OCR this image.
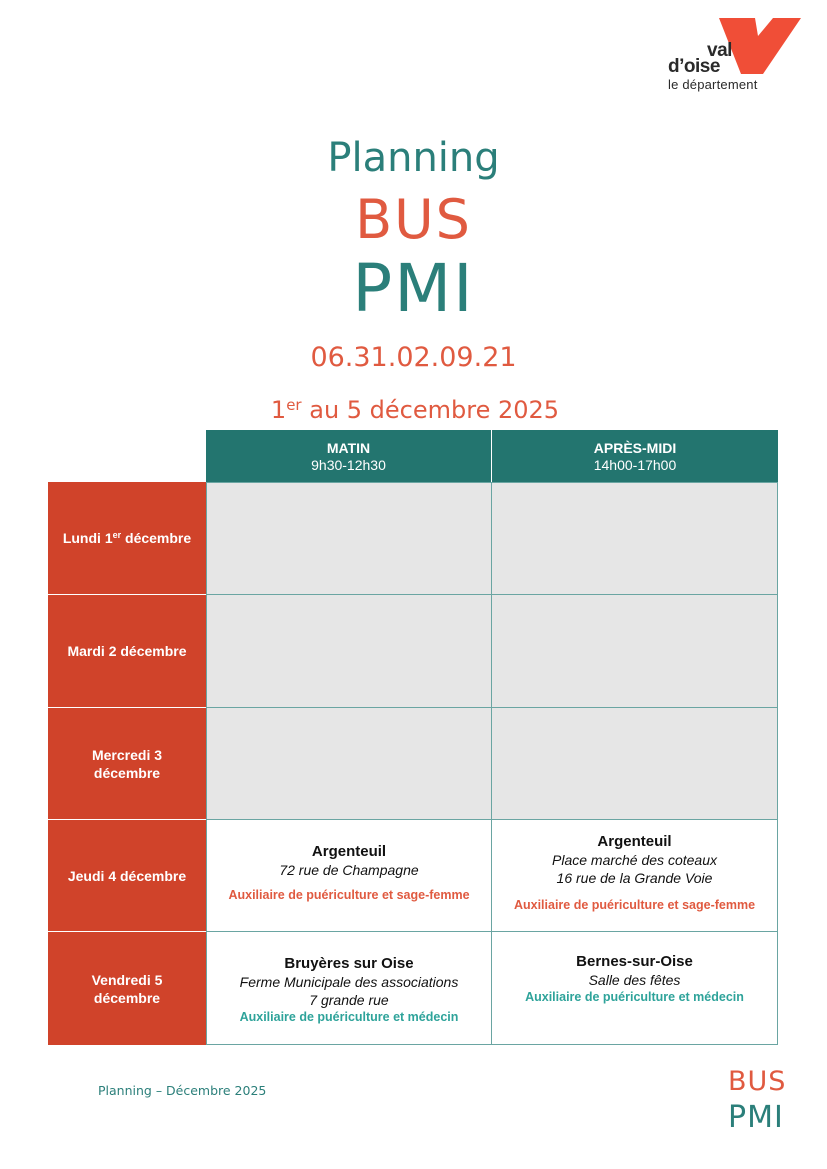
val
d’oise
le département
Planning
BUS
PMI
06.31.02.09.21
1er au 5 décembre 2025
MATIN
9h30-12h30
APRÈS-MIDI
14h00-17h00
Lundi 1er décembre
Mardi 2 décembre
Mercredi 3
décembre
Jeudi 4 décembre
Argenteuil
72 rue de Champagne
Auxiliaire de puériculture et sage-femme
Argenteuil
Place marché des coteaux
16 rue de la Grande Voie
Auxiliaire de puériculture et sage-femme
Vendredi 5
décembre
Bruyères sur Oise
Ferme Municipale des associations
7 grande rue
Auxiliaire de puériculture et médecin
Bernes-sur-Oise
Salle des fêtes
Auxiliaire de puériculture et médecin
Planning – Décembre 2025	BUS
PMI
